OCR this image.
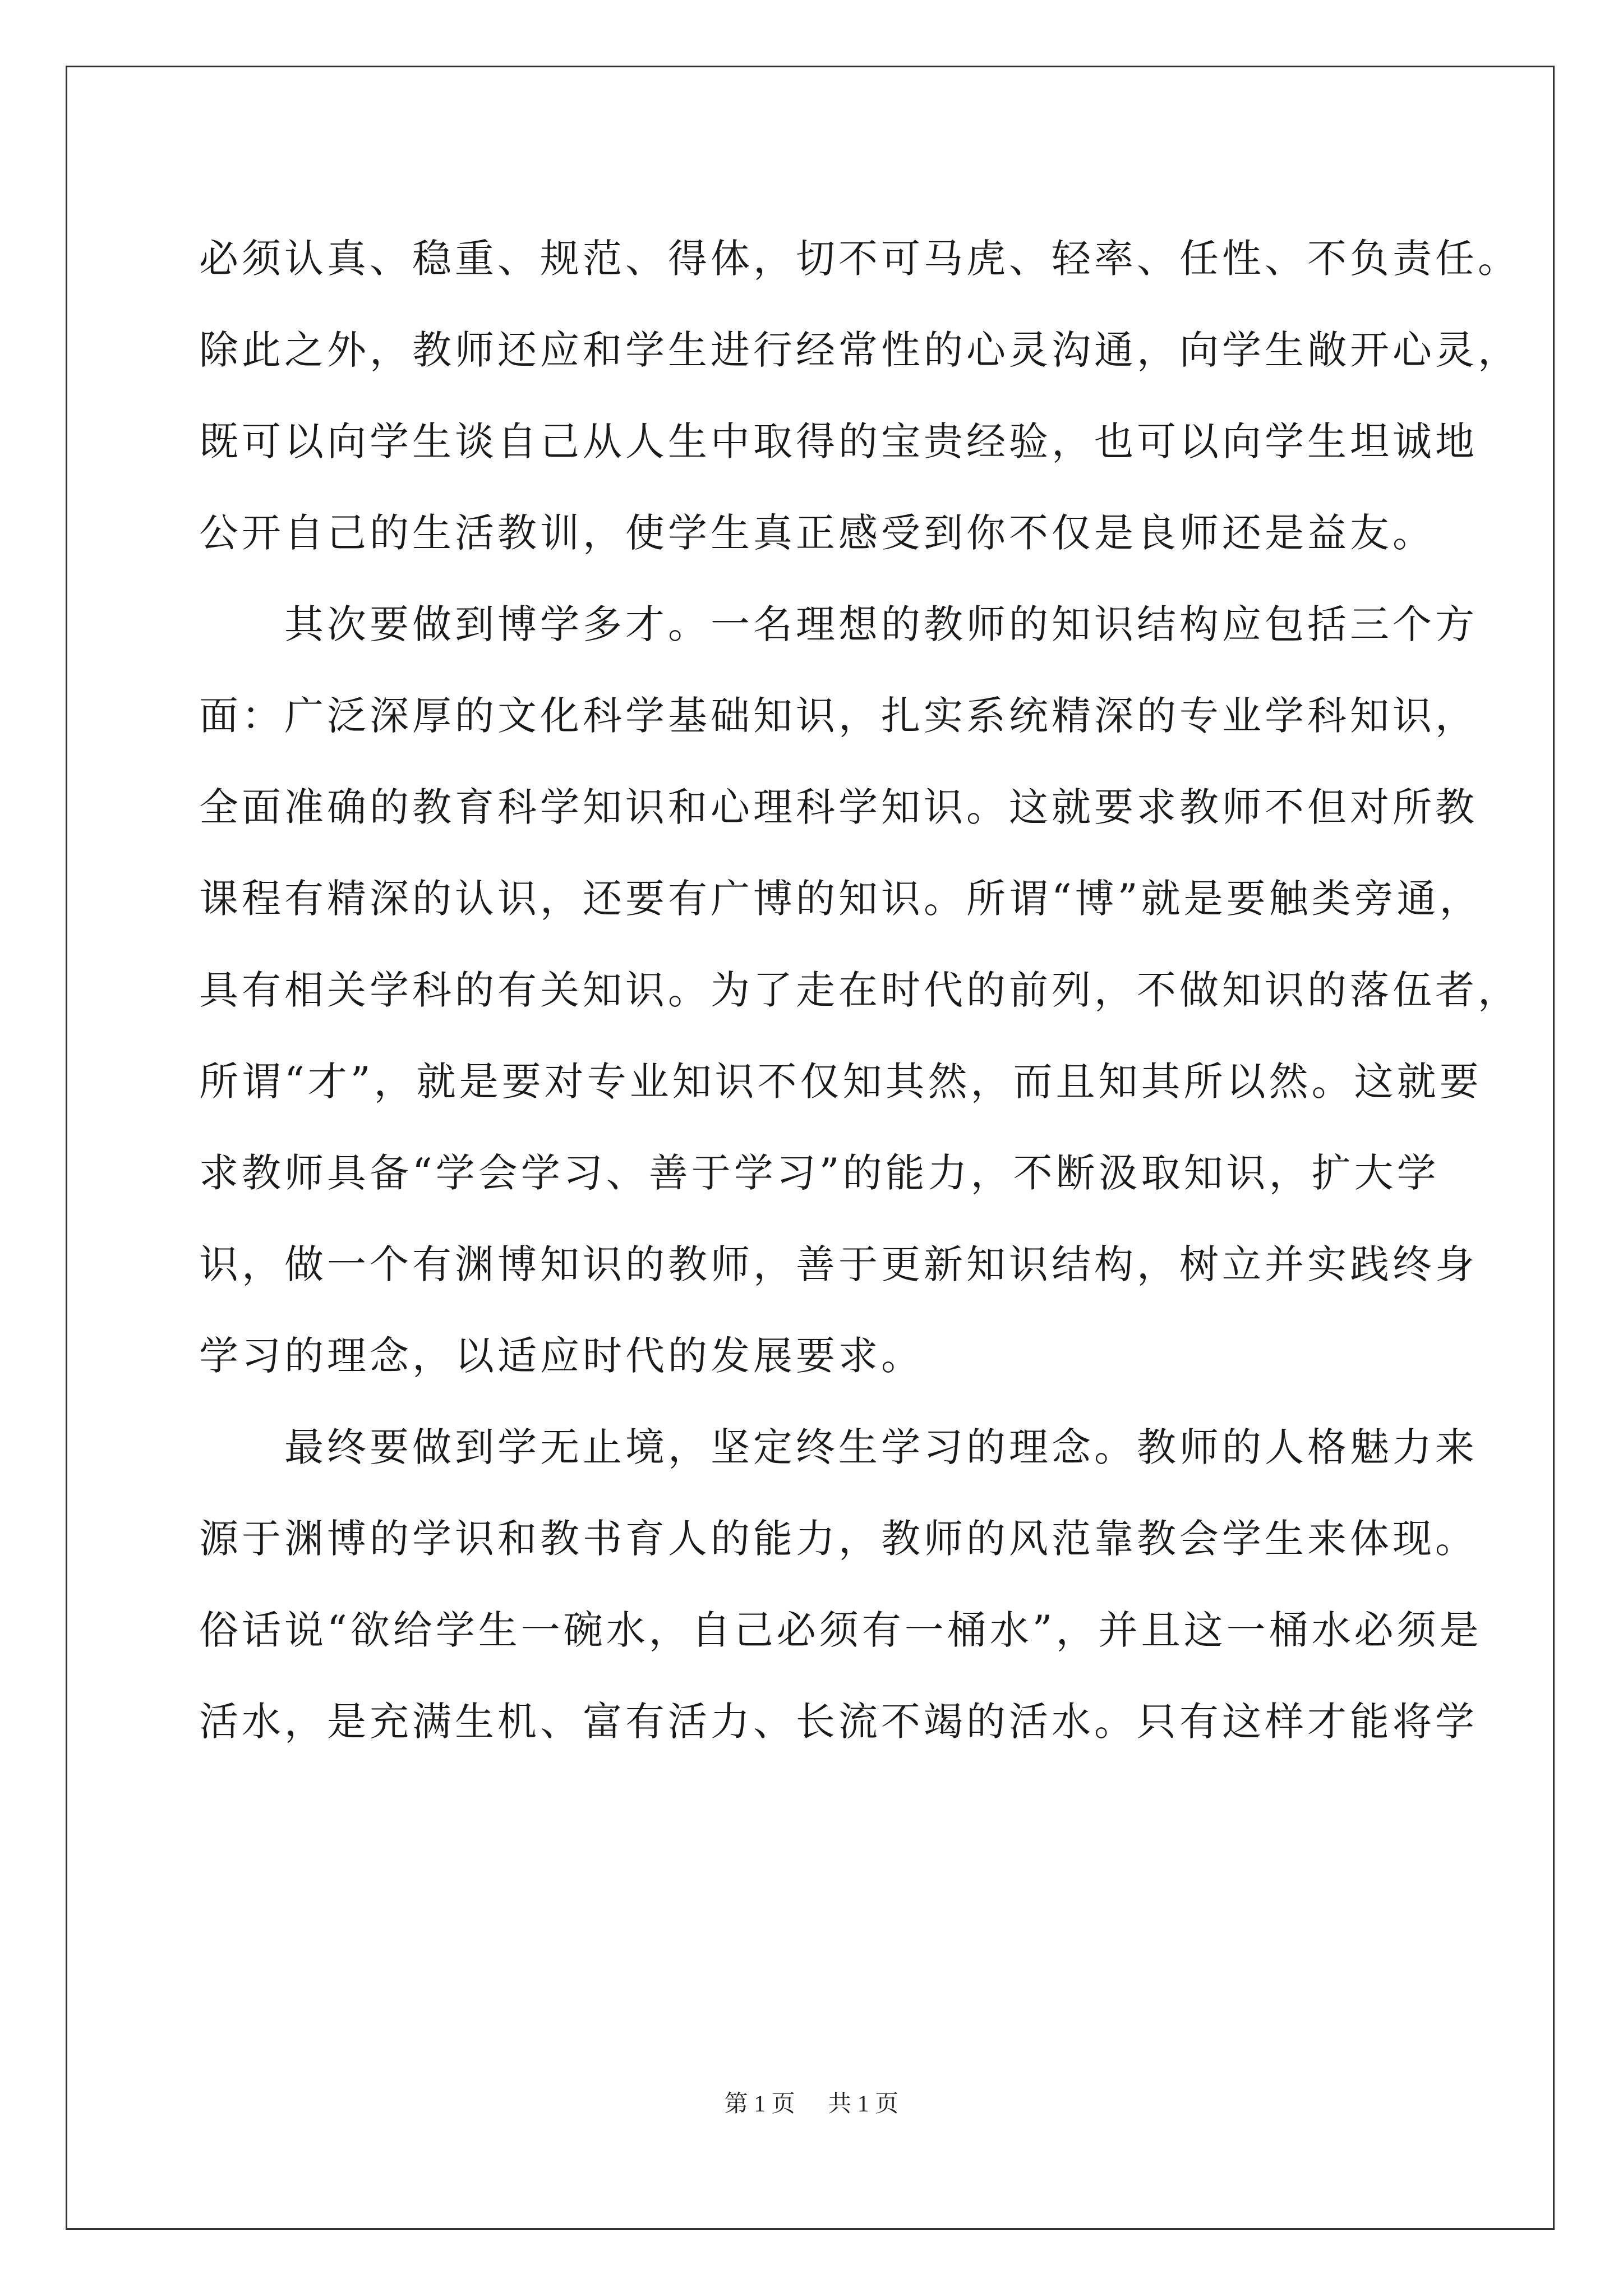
必须认真、稳重、规范、得体，切不可马虎、轻率、任性、不负责任。
除此之外，教师还应和学生进行经常性的心灵沟通，向学生敞开心灵，
既可以向学生谈自己从人生中取得的宝贵经验，也可以向学生坦诚地
公开自己的生活教训，使学生真正感受到你不仅是良师还是益友。
其次要做到博学多才。一名理想的教师的知识结构应包括三个方
面：广泛深厚的文化科学基础知识，扎实系统精深的专业学科知识，
全面准确的教育科学知识和心理科学知识。这就要求教师不但对所教
课程有精深的认识，还要有广博的知识。所谓“博”就是要触类旁通，
具有相关学科的有关知识。为了走在时代的前列，不做知识的落伍者，
所谓“才”，就是要对专业知识不仅知其然，而且知其所以然。这就要
求教师具备“学会学习、善于学习”的能力，不断汲取知识，扩大学
识，做一个有渊博知识的教师，善于更新知识结构，树立并实践终身
学习的理念，以适应时代的发展要求。
最终要做到学无止境，坚定终生学习的理念。教师的人格魅力来
源于渊博的学识和教书育人的能力，教师的风范靠教会学生来体现。
俗话说“欲给学生一碗水，自己必须有一桶水”，并且这一桶水必须是
活水，是充满生机、富有活力、长流不竭的活水。只有这样才能将学
第 1 页 共 1 页
